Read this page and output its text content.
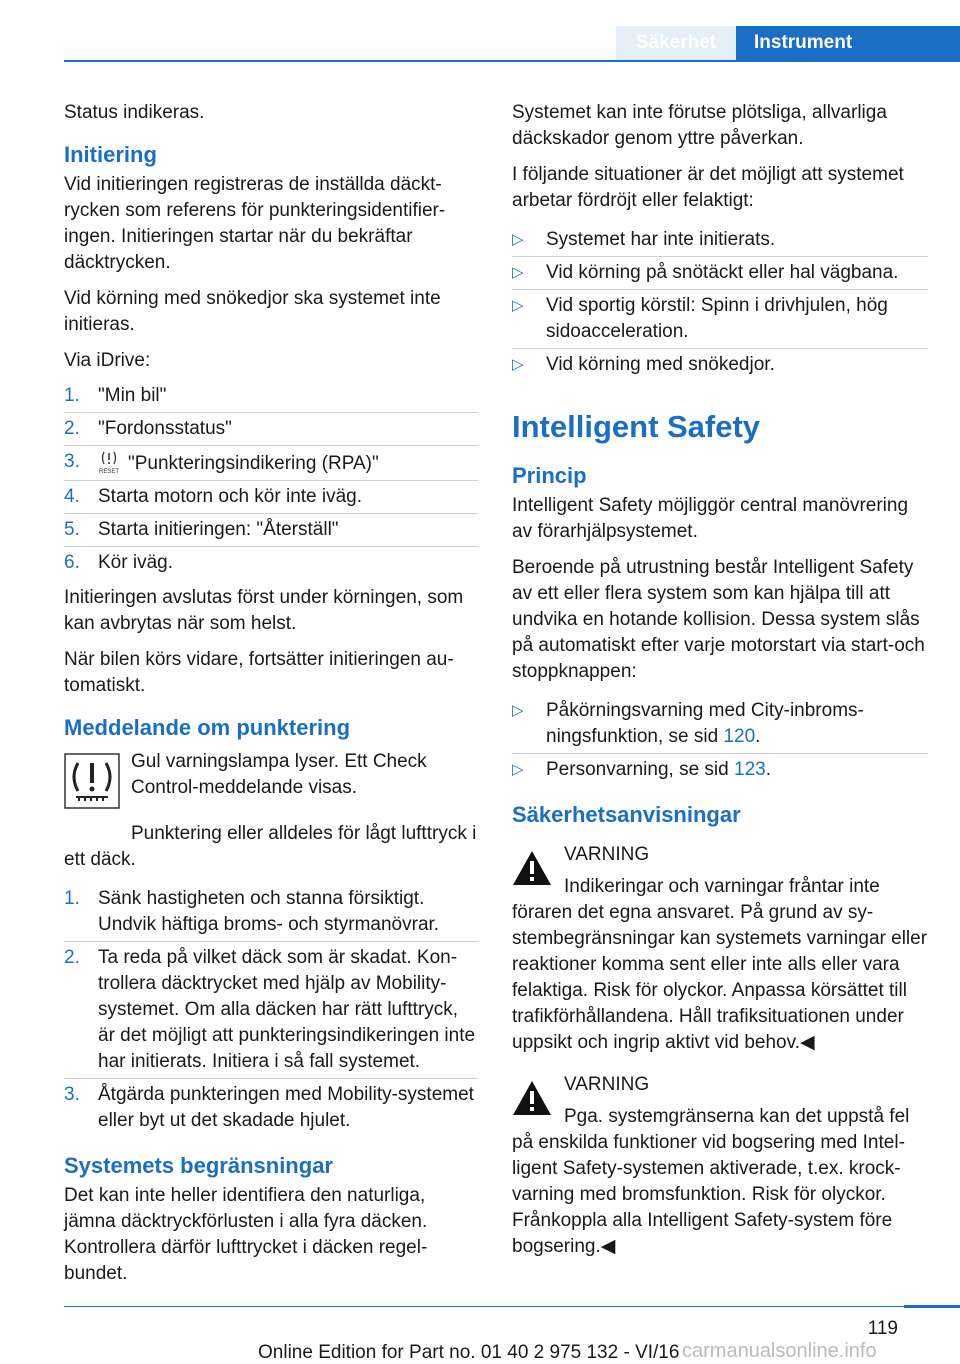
Säkerhet	Instrument

Status indikeras.

Initiering

Vid initieringen registreras de inställda däcktrycken som referens för punkteringsidentifieringen. Initieringen startar när du bekräftar däcktrycken.

Vid körning med snökedjor ska systemet inte initieras.

Via iDrive:

1. "Min bil"
2. "Fordonsstatus"
3.	RESET "Punkteringsindikering (RPA)"
4. Starta motorn och kör inte iväg.
5. Starta initieringen: "Återställ"
6. Kör iväg.

Initieringen avslutas först under körningen, som kan avbrytas när som helst.

När bilen körs vidare, fortsätter initieringen automatiskt.

Meddelande om punktering

Gul varningslampa lyser. Ett Check Control-meddelande visas.

Punktering eller alldeles för lågt lufttryck i ett däck.

1. Sänk hastigheten och stanna försiktigt. Undvik häftiga broms- och styrmanövrar.
2. Ta reda på vilket däck som är skadat. Kontrollera däcktrycket med hjälp av Mobility-systemet. Om alla däcken har rätt lufttryck, är det möjligt att punkteringsindikeringen inte har initierats. Initiera i så fall systemet.
3. Åtgärda punkteringen med Mobility-systemet eller byt ut det skadade hjulet.
Systemets begränsningar

Det kan inte heller identifiera den naturliga, jämna däcktryckförlusten i alla fyra däcken. Kontrollera därför lufttrycket i däcken regelbundet.

Systemet kan inte förutse plötsliga, allvarliga däckskador genom yttre påverkan.

I följande situationer är det möjligt att systemet arbetar fördröjt eller felaktigt:

▷ Systemet har inte initierats.
▷ Vid körning på snötäckt eller hal vägbana.
▷ Vid sportig körstil: Spinn i drivhjulen, hög sidoacceleration.
▷ Vid körning med snökedjor.
Intelligent Safety
Princip

Intelligent Safety möjliggör central manövrering av förarhjälpsystemet.

Beroende på utrustning består Intelligent Safety av ett eller flera system som kan hjälpa till att undvika en hotande kollision. Dessa system slås på automatiskt efter varje motorstart via start-och stoppknappen:

▷ Påkörningsvarning med City-inbromsningsfunktion, se sid 120.
▷ Personvarning, se sid 123.
Säkerhetsanvisningar
VARNING

Indikeringar och varningar fråntar inte föraren det egna ansvaret. På grund av systembegränsningar kan systemets varningar eller reaktioner komma sent eller inte alls eller vara felaktiga. Risk för olyckor. Anpassa körsättet till trafikförhållandena. Håll trafiksituationen under uppsikt och ingrip aktivt vid behov.◀

VARNING

Pga. systemgränserna kan det uppstå fel på enskilda funktioner vid bogsering med Intelligent Safety-systemen aktiverade, t.ex. krockvarning med bromsfunktion. Risk för olyckor. Frånkoppla alla Intelligent Safety-system före bogsering.◀

119
Online Edition for Part no. 01 40 2 975 132 - VI/16 carmanualsonline.info
